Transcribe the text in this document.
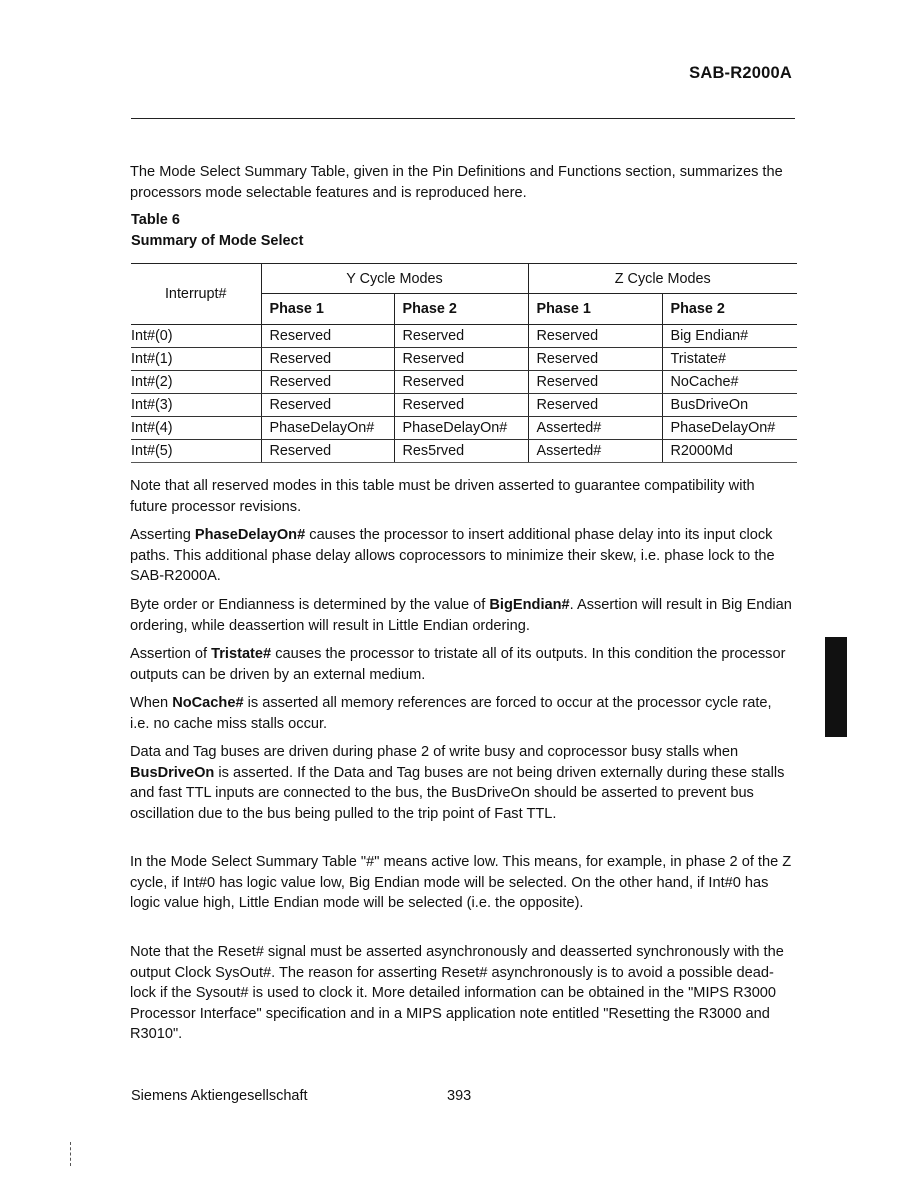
SAB-R2000A

The Mode Select Summary Table, given in the Pin Definitions and Functions section, summarizes the processors mode selectable features and is reproduced here.

Table 6
Summary of Mode Select
Interrupt#	Y Cycle Modes		Z Cycle Modes	
	Phase 1	Phase 2	Phase 1	Phase 2
Int#(0)	Reserved	Reserved	Reserved	Big Endian#
Int#(1)	Reserved	Reserved	Reserved	Tristate#
Int#(2)	Reserved	Reserved	Reserved	NoCache#
Int#(3)	Reserved	Reserved	Reserved	BusDriveOn
Int#(4)	PhaseDelayOn#	PhaseDelayOn#	Asserted#	PhaseDelayOn#
Int#(5)	Reserved	Res5rved	Asserted#	R2000Md

Note that all reserved modes in this table must be driven asserted to guarantee compatibility with future processor revisions.

Asserting PhaseDelayOn# causes the processor to insert additional phase delay into its input clock paths. This additional phase delay allows coprocessors to minimize their skew, i.e. phase lock to the SAB-R2000A.

Byte order or Endianness is determined by the value of BigEndian#. Assertion will result in Big Endian ordering, while deassertion will result in Little Endian ordering.

Assertion of Tristate# causes the processor to tristate all of its outputs. In this condition the processor outputs can be driven by an external medium.

When NoCache# is asserted all memory references are forced to occur at the processor cycle rate, i.e. no cache miss stalls occur.

Data and Tag buses are driven during phase 2 of write busy and coprocessor busy stalls when BusDriveOn is asserted. If the Data and Tag buses are not being driven externally during these stalls and fast TTL inputs are connected to the bus, the BusDriveOn should be asserted to prevent bus oscillation due to the bus being pulled to the trip point of Fast TTL.

In the Mode Select Summary Table "#" means active low. This means, for example, in phase 2 of the Z cycle, if Int#0 has logic value low, Big Endian mode will be selected. On the other hand, if Int#0 has logic value high, Little Endian mode will be selected (i.e. the opposite).

Note that the Reset# signal must be asserted asynchronously and deasserted synchronously with the output Clock SysOut#. The reason for asserting Reset# asynchronously is to avoid a possible dead-lock if the Sysout# is used to clock it. More detailed information can be obtained in the "MIPS R3000 Processor Interface" specification and in a MIPS application note entitled "Resetting the R3000 and R3010".

Siemens Aktiengesellschaft	393
